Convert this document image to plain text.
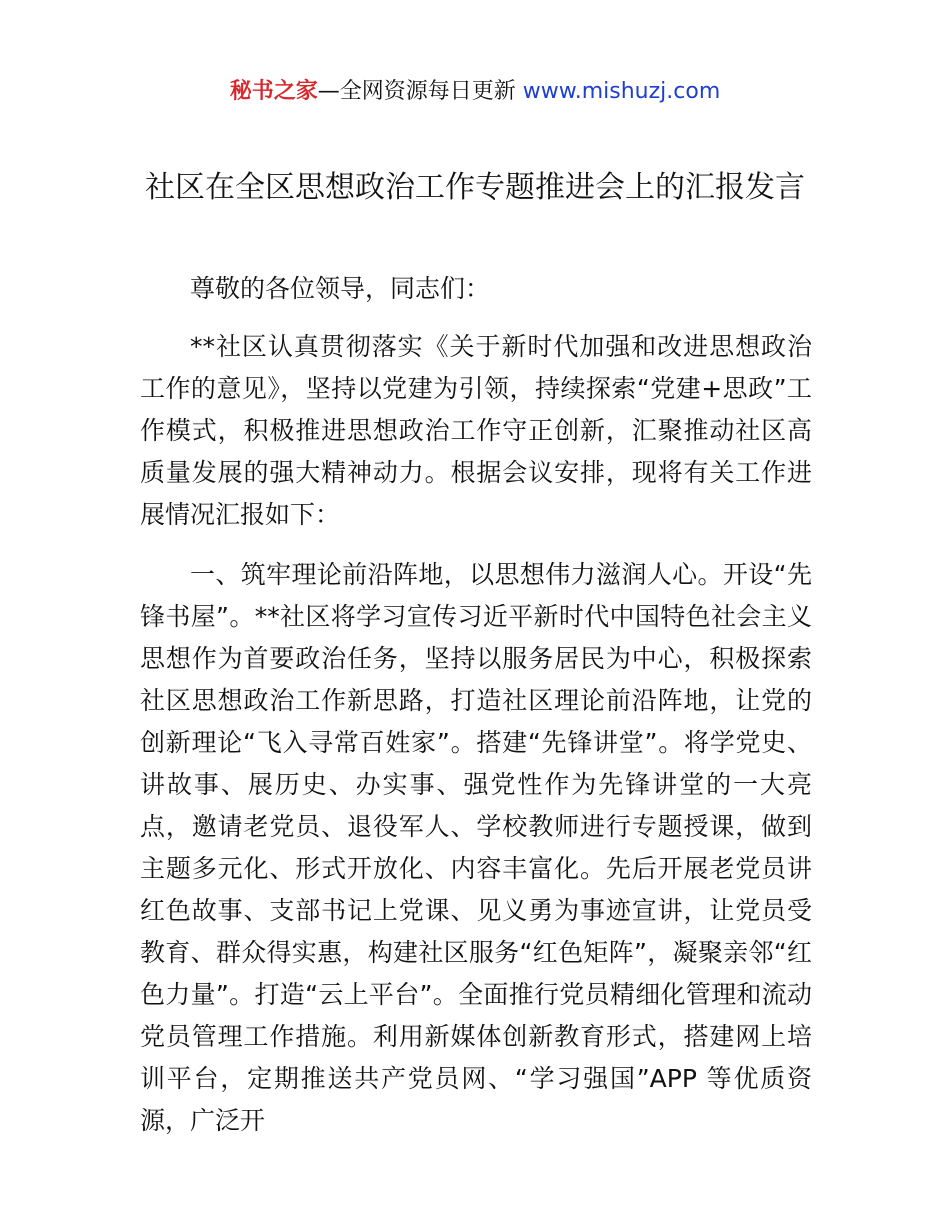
秘书之家—全网资源每日更新 www.mishuzj.com
社区在全区思想政治工作专题推进会上的汇报发言

尊敬的各位领导，同志们：

**社区认真贯彻落实《关于新时代加强和改进思想政治工作的意见》，坚持以党建为引领，持续探索“党建+思政”工作模式，积极推进思想政治工作守正创新，汇聚推动社区高质量发展的强大精神动力。根据会议安排，现将有关工作进展情况汇报如下：

一、筑牢理论前沿阵地，以思想伟力滋润人心。开设“先锋书屋”。**社区将学习宣传习近平新时代中国特色社会主义思想作为首要政治任务，坚持以服务居民为中心，积极探索社区思想政治工作新思路，打造社区理论前沿阵地，让党的创新理论“飞入寻常百姓家”。搭建“先锋讲堂”。将学党史、讲故事、展历史、办实事、强党性作为先锋讲堂的一大亮点，邀请老党员、退役军人、学校教师进行专题授课，做到主题多元化、形式开放化、内容丰富化。先后开展老党员讲红色故事、支部书记上党课、见义勇为事迹宣讲，让党员受教育、群众得实惠，构建社区服务“红色矩阵”，凝聚亲邻“红色力量”。打造“云上平台”。全面推行党员精细化管理和流动党员管理工作措施。利用新媒体创新教育形式，搭建网上培训平台，定期推送共产党员网、“学习强国”APP 等优质资源，广泛开
